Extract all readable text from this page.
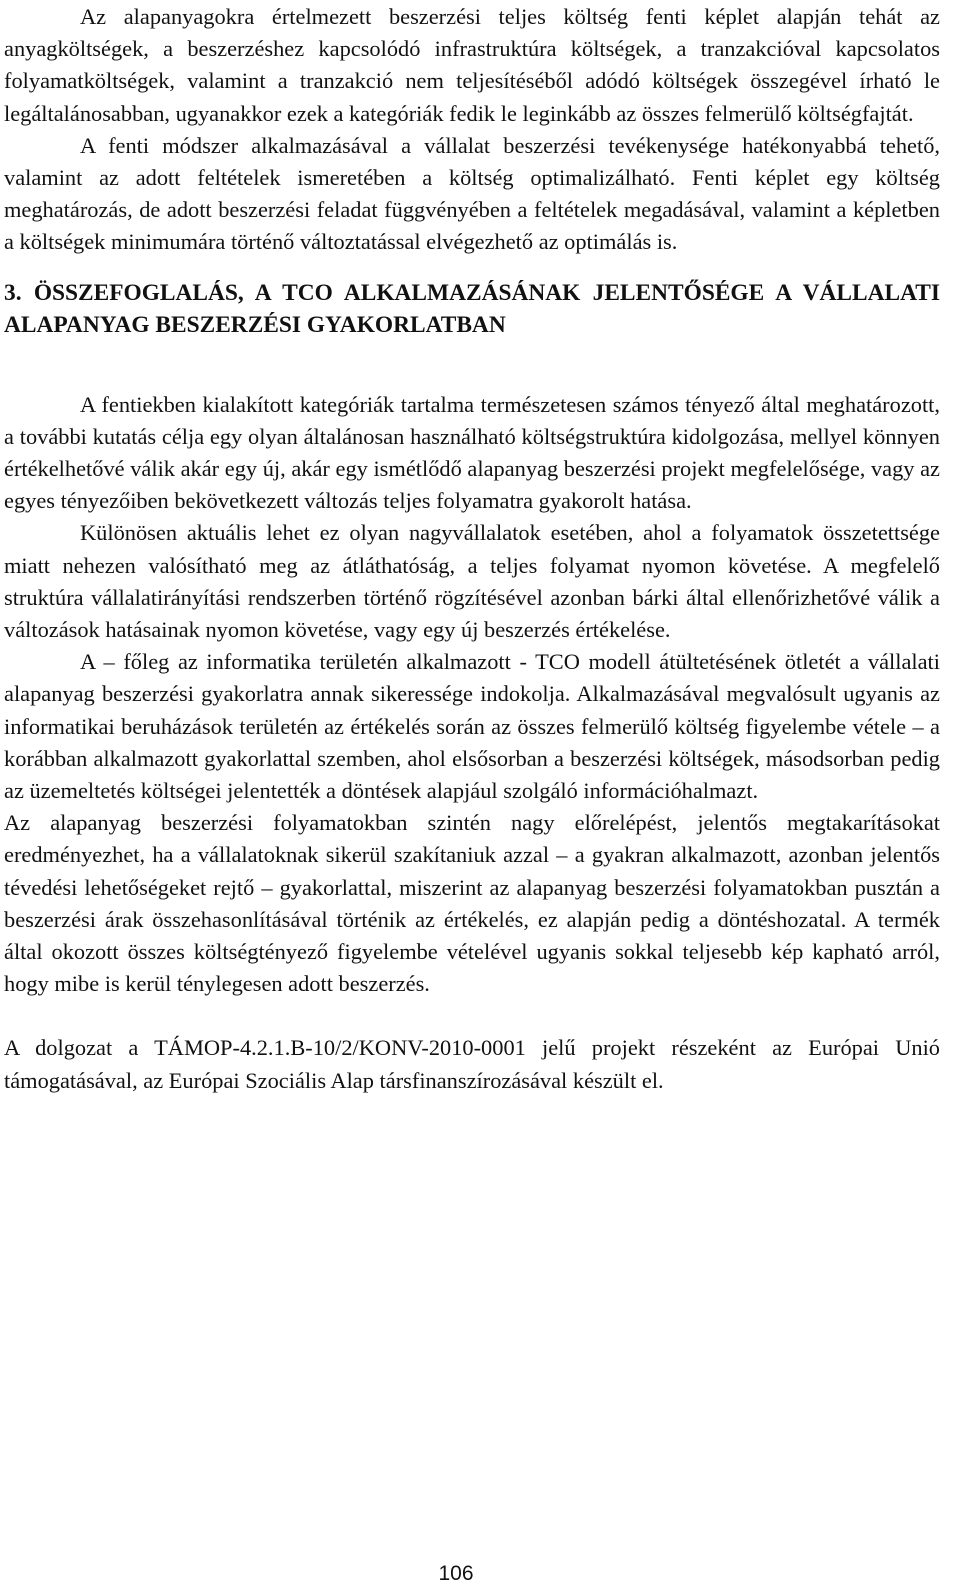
Az alapanyagokra értelmezett beszerzési teljes költség fenti képlet alapján tehát az anyagköltségek, a beszerzéshez kapcsolódó infrastruktúra költségek, a tranzakcióval kapcsolatos folyamatköltségek, valamint a tranzakció nem teljesítéséből adódó költségek összegével írható le legáltalánosabban, ugyanakkor ezek a kategóriák fedik le leginkább az összes felmerülő költségfajtát.

A fenti módszer alkalmazásával a vállalat beszerzési tevékenysége hatékonyabbá tehető, valamint az adott feltételek ismeretében a költség optimalizálható. Fenti képlet egy költség meghatározás, de adott beszerzési feladat függvényében a feltételek megadásával, valamint a képletben a költségek minimumára történő változtatással elvégezhető az optimálás is.

3. ÖSSZEFOGLALÁS, A TCO ALKALMAZÁSÁNAK JELENTŐSÉGE A VÁLLALATI ALAPANYAG BESZERZÉSI GYAKORLATBAN

A fentiekben kialakított kategóriák tartalma természetesen számos tényező által meghatározott, a további kutatás célja egy olyan általánosan használható költségstruktúra kidolgozása, mellyel könnyen értékelhetővé válik akár egy új, akár egy ismétlődő alapanyag beszerzési projekt megfelelősége, vagy az egyes tényezőiben bekövetkezett változás teljes folyamatra gyakorolt hatása.

Különösen aktuális lehet ez olyan nagyvállalatok esetében, ahol a folyamatok összetettsége miatt nehezen valósítható meg az átláthatóság, a teljes folyamat nyomon követése. A megfelelő struktúra vállalatirányítási rendszerben történő rögzítésével azonban bárki által ellenőrizhetővé válik a változások hatásainak nyomon követése, vagy egy új beszerzés értékelése.

A – főleg az informatika területén alkalmazott - TCO modell átültetésének ötletét a vállalati alapanyag beszerzési gyakorlatra annak sikeressége indokolja. Alkalmazásával megvalósult ugyanis az informatikai beruházások területén az értékelés során az összes felmerülő költség figyelembe vétele – a korábban alkalmazott gyakorlattal szemben, ahol elsősorban a beszerzési költségek, másodsorban pedig az üzemeltetés költségei jelentették a döntések alapjául szolgáló információhalmazt.

Az alapanyag beszerzési folyamatokban szintén nagy előrelépést, jelentős megtakarításokat eredményezhet, ha a vállalatoknak sikerül szakítaniuk azzal – a gyakran alkalmazott, azonban jelentős tévedési lehetőségeket rejtő – gyakorlattal, miszerint az alapanyag beszerzési folyamatokban pusztán a beszerzési árak összehasonlításával történik az értékelés, ez alapján pedig a döntéshozatal. A termék által okozott összes költségtényező figyelembe vételével ugyanis sokkal teljesebb kép kapható arról, hogy mibe is kerül ténylegesen adott beszerzés.

A dolgozat a TÁMOP-4.2.1.B-10/2/KONV-2010-0001 jelű projekt részeként az Európai Unió támogatásával, az Európai Szociális Alap társfinanszírozásával készült el.

106
